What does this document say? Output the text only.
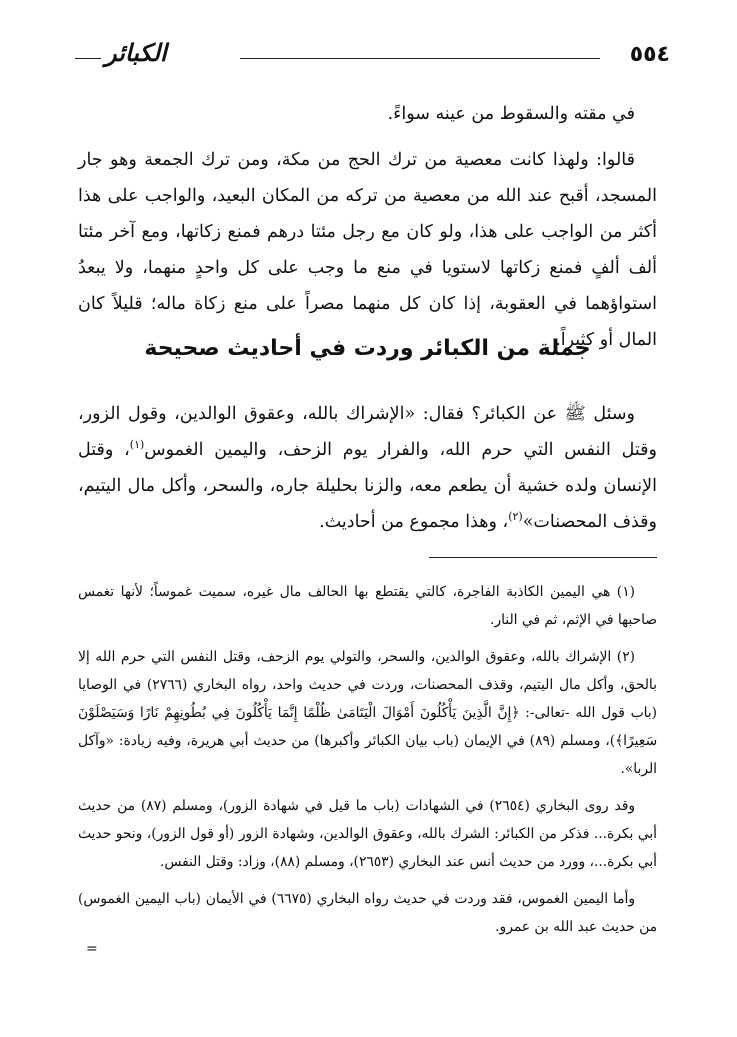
٥٥٤
الكبائر

في مقته والسقوط من عينه سواءً.

قالوا: ولهذا كانت معصية من ترك الحج من مكة، ومن ترك الجمعة وهو جار المسجد، أقبح عند الله من معصية من تركه من المكان البعيد، والواجب على هذا أكثر من الواجب على هذا، ولو كان مع رجل مئتا درهم فمنع زكاتها، ومع آخر مئتا ألف ألفٍ فمنع زكاتها لاستويا في منع ما وجب على كل واحدٍ منهما، ولا يبعدُ استواؤهما في العقوبة، إذا كان كل منهما مصراً على منع زكاة ماله؛ قليلاً كان المال أو كثيراً.

جملة من الكبائر وردت في أحاديث صحيحة

وسئل ﷺ عن الكبائر؟ فقال: «الإشراك بالله، وعقوق الوالدين، وقول الزور، وقتل النفس التي حرم الله، والفرار يوم الزحف، واليمين الغموس$^{(١)}$، وقتل الإنسان ولده خشية أن يطعم معه، والزنا بحليلة جاره، والسحر، وأكل مال اليتيم، وقذف المحصنات»$^{(٢)}$، وهذا مجموع من أحاديث.

(١) هي اليمين الكاذبة الفاجرة، كالتي يقتطع بها الحالف مال غيره، سميت غموساً؛ لأنها تغمس صاحبها في الإثم، ثم في النار.

(٢) الإشراك بالله، وعقوق الوالدين، والسحر، والتولي يوم الزحف، وقتل النفس التي حرم الله إلا بالحق، وأكل مال اليتيم، وقذف المحصنات، وردت في حديث واحد، رواه البخاري (٢٧٦٦) في الوصايا (باب قول الله -تعالى-: ﴿إِنَّ الَّذِينَ يَأْكُلُونَ أَمْوَالَ الْيَتَامَىٰ ظُلْمًا إِنَّمَا يَأْكُلُونَ فِي بُطُونِهِمْ نَارًا وَسَيَصْلَوْنَ سَعِيرًا﴾)، ومسلم (٨٩) في الإيمان (باب بيان الكبائر وأكبرها) من حديث أبي هريرة، وفيه زيادة: «وآكل الربا».

وقد روى البخاري (٢٦٥٤) في الشهادات (باب ما قيل في شهادة الزور)، ومسلم (٨٧) من حديث أبي بكرة... فذكر من الكبائر: الشرك بالله، وعقوق الوالدين، وشهادة الزور (أو قول الزور)، ونحو حديث أبي بكرة...، وورد من حديث أنس عند البخاري (٢٦٥٣)، ومسلم (٨٨)، وزاد: وقتل النفس.

وأما اليمين الغموس، فقد وردت في حديث رواه البخاري (٦٦٧٥) في الأيمان (باب اليمين الغموس) من حديث عبد الله بن عمرو.

=
